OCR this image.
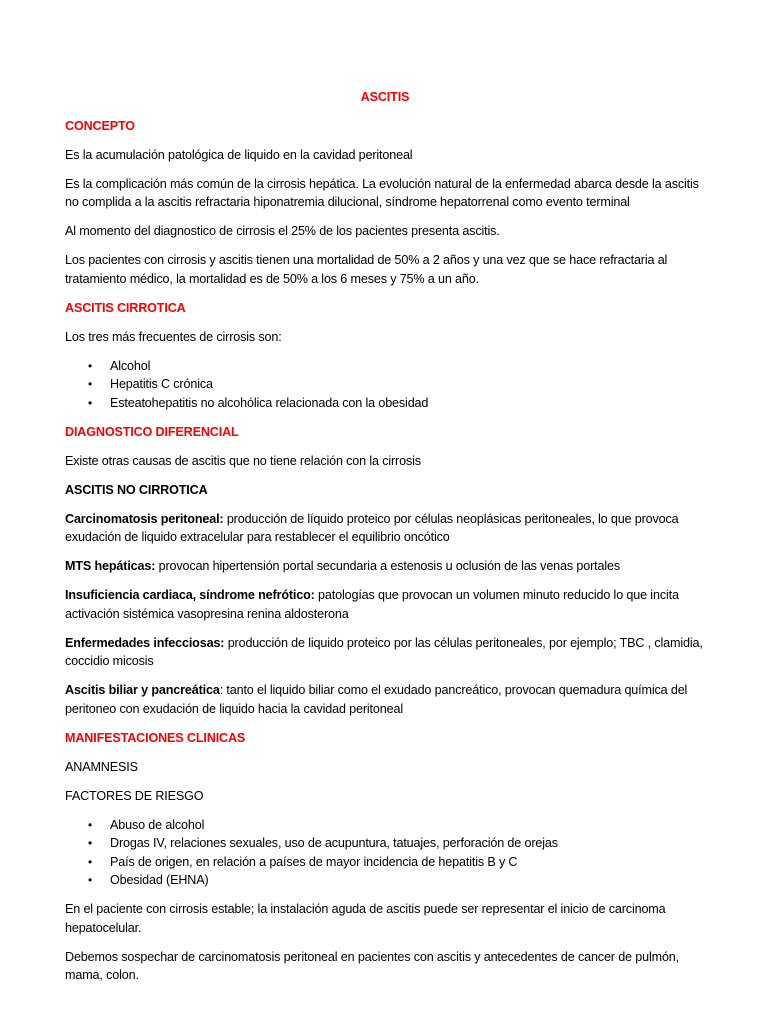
ASCITIS
CONCEPTO

Es la acumulación patológica de liquido en la cavidad peritoneal

Es la complicación más común de la cirrosis hepática. La evolución natural de la enfermedad abarca desde la ascitis no complida a la ascitis refractaria hiponatremia dilucional, síndrome hepatorrenal como evento terminal

Al momento del diagnostico de cirrosis el 25% de los pacientes presenta ascitis.

Los pacientes con cirrosis y ascitis tienen una mortalidad de 50% a 2 años y una vez que se hace refractaria al tratamiento médico, la mortalidad es de 50% a los 6 meses y 75% a un año.

ASCITIS CIRROTICA

Los tres más frecuentes de cirrosis son:

• Alcohol
• Hepatitis C crónica
• Esteatohepatitis no alcohólica relacionada con la obesidad
DIAGNOSTICO DIFERENCIAL

Existe otras causas de ascitis que no tiene relación con la cirrosis

ASCITIS NO CIRROTICA

Carcinomatosis peritoneal: producción de líquido proteico por células neoplásicas peritoneales, lo que provoca exudación de liquido extracelular para restablecer el equilibrio oncótico

MTS hepáticas: provocan hipertensión portal secundaria a estenosis u oclusión de las venas portales

Insuficiencia cardiaca, síndrome nefrótico: patologías que provocan un volumen minuto reducido lo que incita activación sistémica vasopresina renina aldosterona

Enfermedades infecciosas: producción de liquido proteico por las células peritoneales, por ejemplo; TBC , clamidia, coccidio micosis

Ascitis biliar y pancreática: tanto el liquido biliar como el exudado pancreático, provocan quemadura química del peritoneo con exudación de liquido hacia la cavidad peritoneal

MANIFESTACIONES CLINICAS

ANAMNESIS

FACTORES DE RIESGO

• Abuso de alcohol
• Drogas IV, relaciones sexuales, uso de acupuntura, tatuajes, perforación de orejas
• País de origen, en relación a países de mayor incidencia de hepatitis B y C
• Obesidad (EHNA)

En el paciente con cirrosis estable; la instalación aguda de ascitis puede ser representar el inicio de carcinoma hepatocelular.

Debemos sospechar de carcinomatosis peritoneal en pacientes con ascitis y antecedentes de cancer de pulmón, mama, colon.
